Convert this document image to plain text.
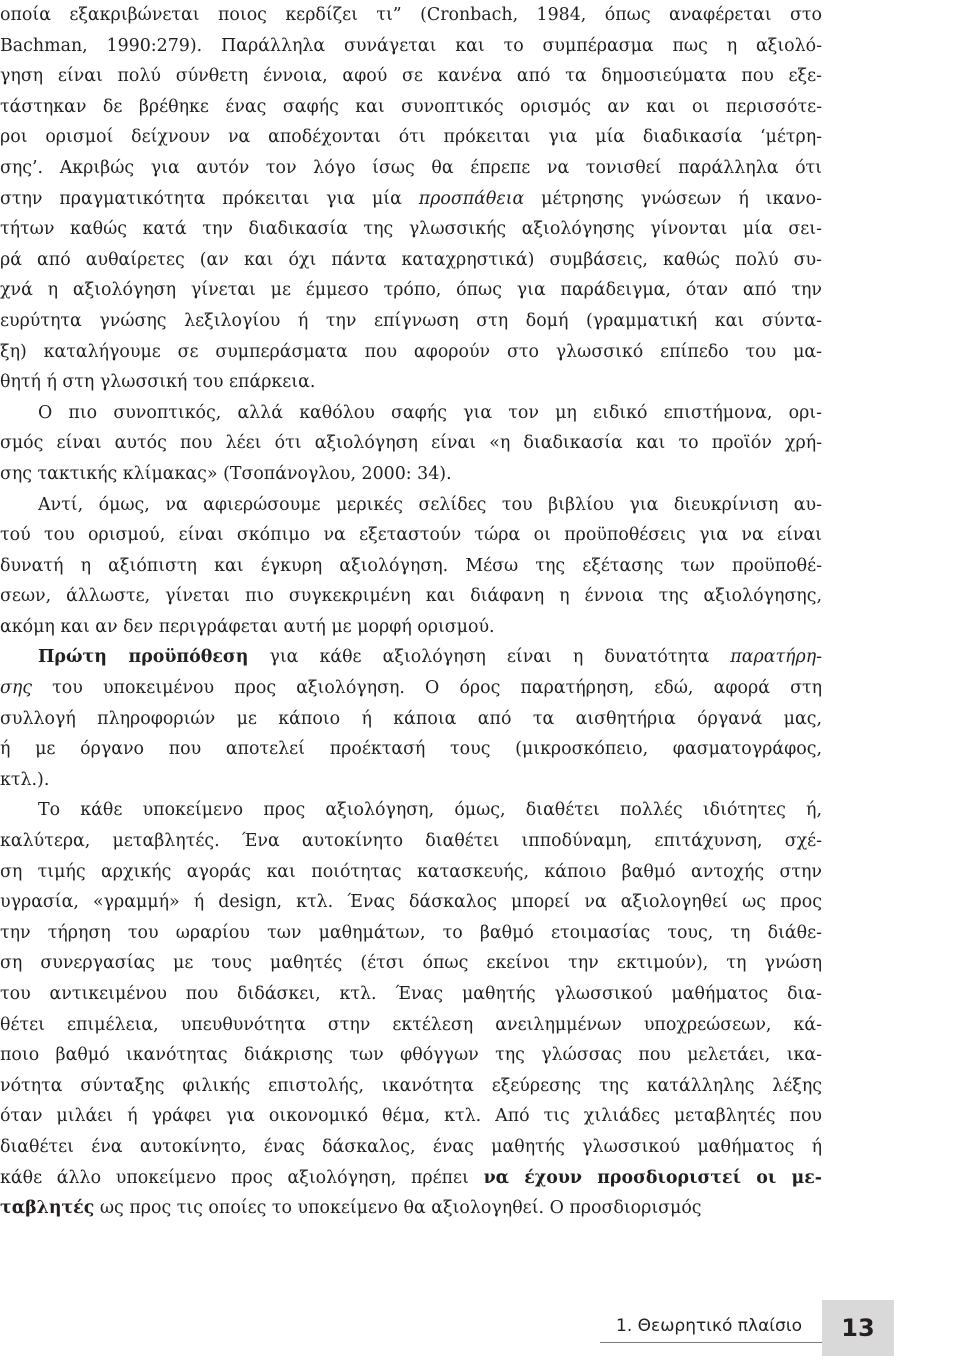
οποία εξακριβώνεται ποιος κερδίζει τι” (Cronbach, 1984, όπως αναφέρεται στο
Bachman, 1990:279). Παράλληλα συνάγεται και το συμπέρασμα πως η αξιολό-
γηση είναι πολύ σύνθετη έννοια, αφού σε κανένα από τα δημοσιεύματα που εξε-
τάστηκαν δε βρέθηκε ένας σαφής και συνοπτικός ορισμός αν και οι περισσότε-
ροι ορισμοί δείχνουν να αποδέχονται ότι πρόκειται για μία διαδικασία ‘μέτρη-
σης’. Ακριβώς για αυτόν τον λόγο ίσως θα έπρεπε να τονισθεί παράλληλα ότι
στην πραγματικότητα πρόκειται για μία προσπάθεια μέτρησης γνώσεων ή ικανο-
τήτων καθώς κατά την διαδικασία της γλωσσικής αξιολόγησης γίνονται μία σει-
ρά από αυθαίρετες (αν και όχι πάντα καταχρηστικά) συμβάσεις, καθώς πολύ συ-
χνά η αξιολόγηση γίνεται με έμμεσο τρόπο, όπως για παράδειγμα, όταν από την
ευρύτητα γνώσης λεξιλογίου ή την επίγνωση στη δομή (γραμματική και σύντα-
ξη) καταλήγουμε σε συμπεράσματα που αφορούν στο γλωσσικό επίπεδο του μα-
θητή ή στη γλωσσική του επάρκεια.

Ο πιο συνοπτικός, αλλά καθόλου σαφής για τον μη ειδικό επιστήμονα, ορι-
σμός είναι αυτός που λέει ότι αξιολόγηση είναι «η διαδικασία και το προϊόν χρή-
σης τακτικής κλίμακας» (Τσοπάνογλου, 2000: 34).

Αντί, όμως, να αφιερώσουμε μερικές σελίδες του βιβλίου για διευκρίνιση αυ-
τού του ορισμού, είναι σκόπιμο να εξεταστούν τώρα οι προϋποθέσεις για να είναι
δυνατή η αξιόπιστη και έγκυρη αξιολόγηση. Μέσω της εξέτασης των προϋποθέ-
σεων, άλλωστε, γίνεται πιο συγκεκριμένη και διάφανη η έννοια της αξιολόγησης,
ακόμη και αν δεν περιγράφεται αυτή με μορφή ορισμού.

Πρώτη προϋπόθεση για κάθε αξιολόγηση είναι η δυνατότητα παρατήρη-
σης του υποκειμένου προς αξιολόγηση. Ο όρος παρατήρηση, εδώ, αφορά στη
συλλογή πληροφοριών με κάποιο ή κάποια από τα αισθητήρια όργανά μας,
ή με όργανο που αποτελεί προέκτασή τους (μικροσκόπειο, φασματογράφος,
κτλ.).

Το κάθε υποκείμενο προς αξιολόγηση, όμως, διαθέτει πολλές ιδιότητες ή,
καλύτερα, μεταβλητές. Ένα αυτοκίνητο διαθέτει ιπποδύναμη, επιτάχυνση, σχέ-
ση τιμής αρχικής αγοράς και ποιότητας κατασκευής, κάποιο βαθμό αντοχής στην
υγρασία, «γραμμή» ή design, κτλ. Ένας δάσκαλος μπορεί να αξιολογηθεί ως προς
την τήρηση του ωραρίου των μαθημάτων, το βαθμό ετοιμασίας τους, τη διάθε-
ση συνεργασίας με τους μαθητές (έτσι όπως εκείνοι την εκτιμούν), τη γνώση
του αντικειμένου που διδάσκει, κτλ. Ένας μαθητής γλωσσικού μαθήματος δια-
θέτει επιμέλεια, υπευθυνότητα στην εκτέλεση ανειλημμένων υποχρεώσεων, κά-
ποιο βαθμό ικανότητας διάκρισης των φθόγγων της γλώσσας που μελετάει, ικα-
νότητα σύνταξης φιλικής επιστολής, ικανότητα εξεύρεσης της κατάλληλης λέξης
όταν μιλάει ή γράφει για οικονομικό θέμα, κτλ. Από τις χιλιάδες μεταβλητές που
διαθέτει ένα αυτοκίνητο, ένας δάσκαλος, ένας μαθητής γλωσσικού μαθήματος ή
κάθε άλλο υποκείμενο προς αξιολόγηση, πρέπει να έχουν προσδιοριστεί οι με-
ταβλητές ως προς τις οποίες το υποκείμενο θα αξιολογηθεί. Ο προσδιορισμός

1. Θεωρητικό πλαίσιο 13
